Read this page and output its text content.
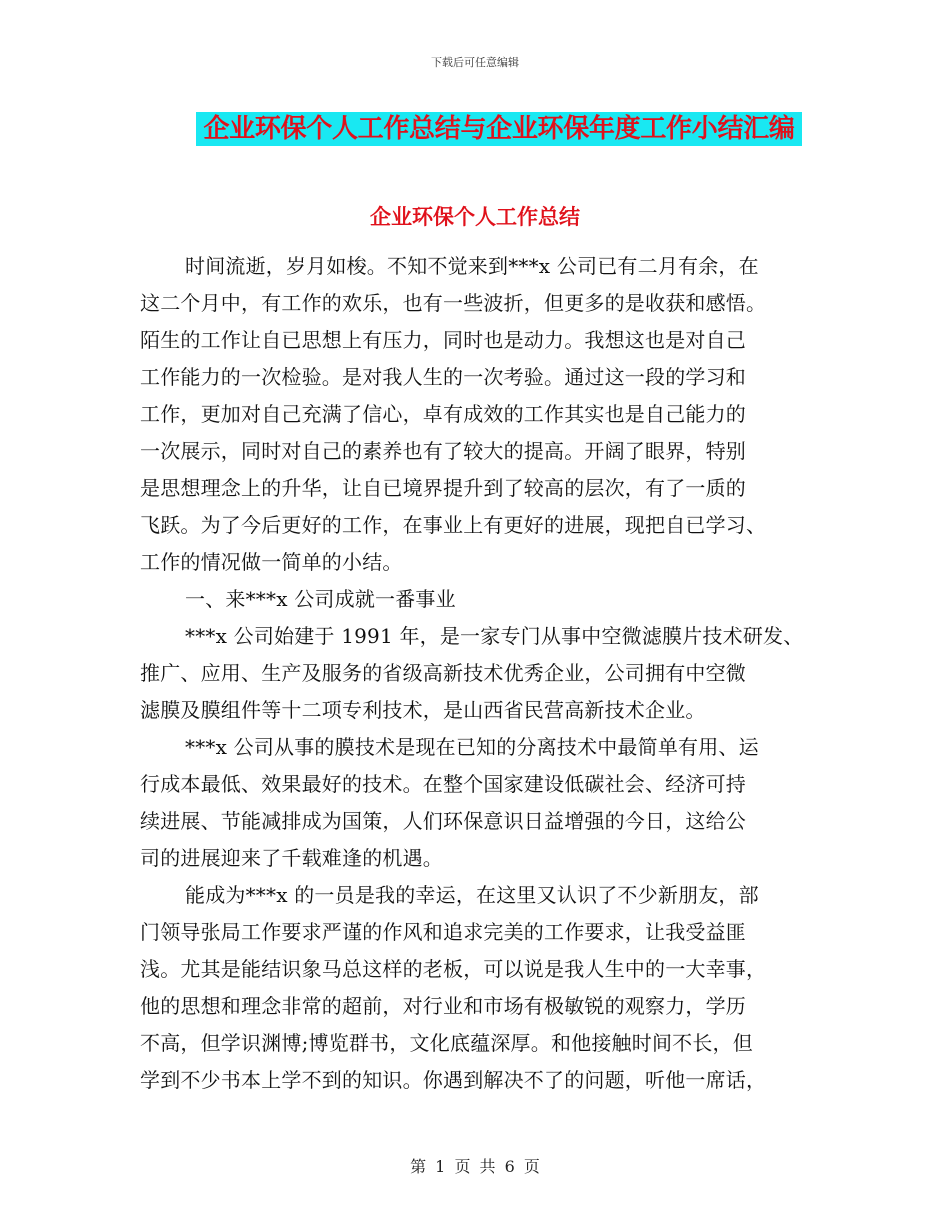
下载后可任意编辑
企业环保个人工作总结与企业环保年度工作小结汇编
企业环保个人工作总结
时间流逝，岁月如梭。不知不觉来到***x 公司已有二月有余，在
这二个月中，有工作的欢乐，也有一些波折，但更多的是收获和感悟。
陌生的工作让自已思想上有压力，同时也是动力。我想这也是对自己
工作能力的一次检验。是对我人生的一次考验。通过这一段的学习和
工作，更加对自己充满了信心，卓有成效的工作其实也是自己能力的
一次展示，同时对自己的素养也有了较大的提高。开阔了眼界，特别
是思想理念上的升华，让自已境界提升到了较高的层次，有了一质的
飞跃。为了今后更好的工作，在事业上有更好的进展，现把自已学习、
工作的情况做一简单的小结。
一、来***x 公司成就一番事业
***x 公司始建于 1991 年，是一家专门从事中空微滤膜片技术研发、
推广、应用、生产及服务的省级高新技术优秀企业，公司拥有中空微
滤膜及膜组件等十二项专利技术，是山西省民营高新技术企业。
***x 公司从事的膜技术是现在已知的分离技术中最简单有用、运
行成本最低、效果最好的技术。在整个国家建设低碳社会、经济可持
续进展、节能减排成为国策，人们环保意识日益增强的今日，这给公
司的进展迎来了千载难逢的机遇。
能成为***x 的一员是我的幸运，在这里又认识了不少新朋友，部
门领导张局工作要求严谨的作风和追求完美的工作要求，让我受益匪
浅。尤其是能结识象马总这样的老板，可以说是我人生中的一大幸事，
他的思想和理念非常的超前，对行业和市场有极敏锐的观察力，学历
不高，但学识渊博;博览群书，文化底蕴深厚。和他接触时间不长，但
学到不少书本上学不到的知识。你遇到解决不了的问题，听他一席话，
第 1 页 共 6 页
